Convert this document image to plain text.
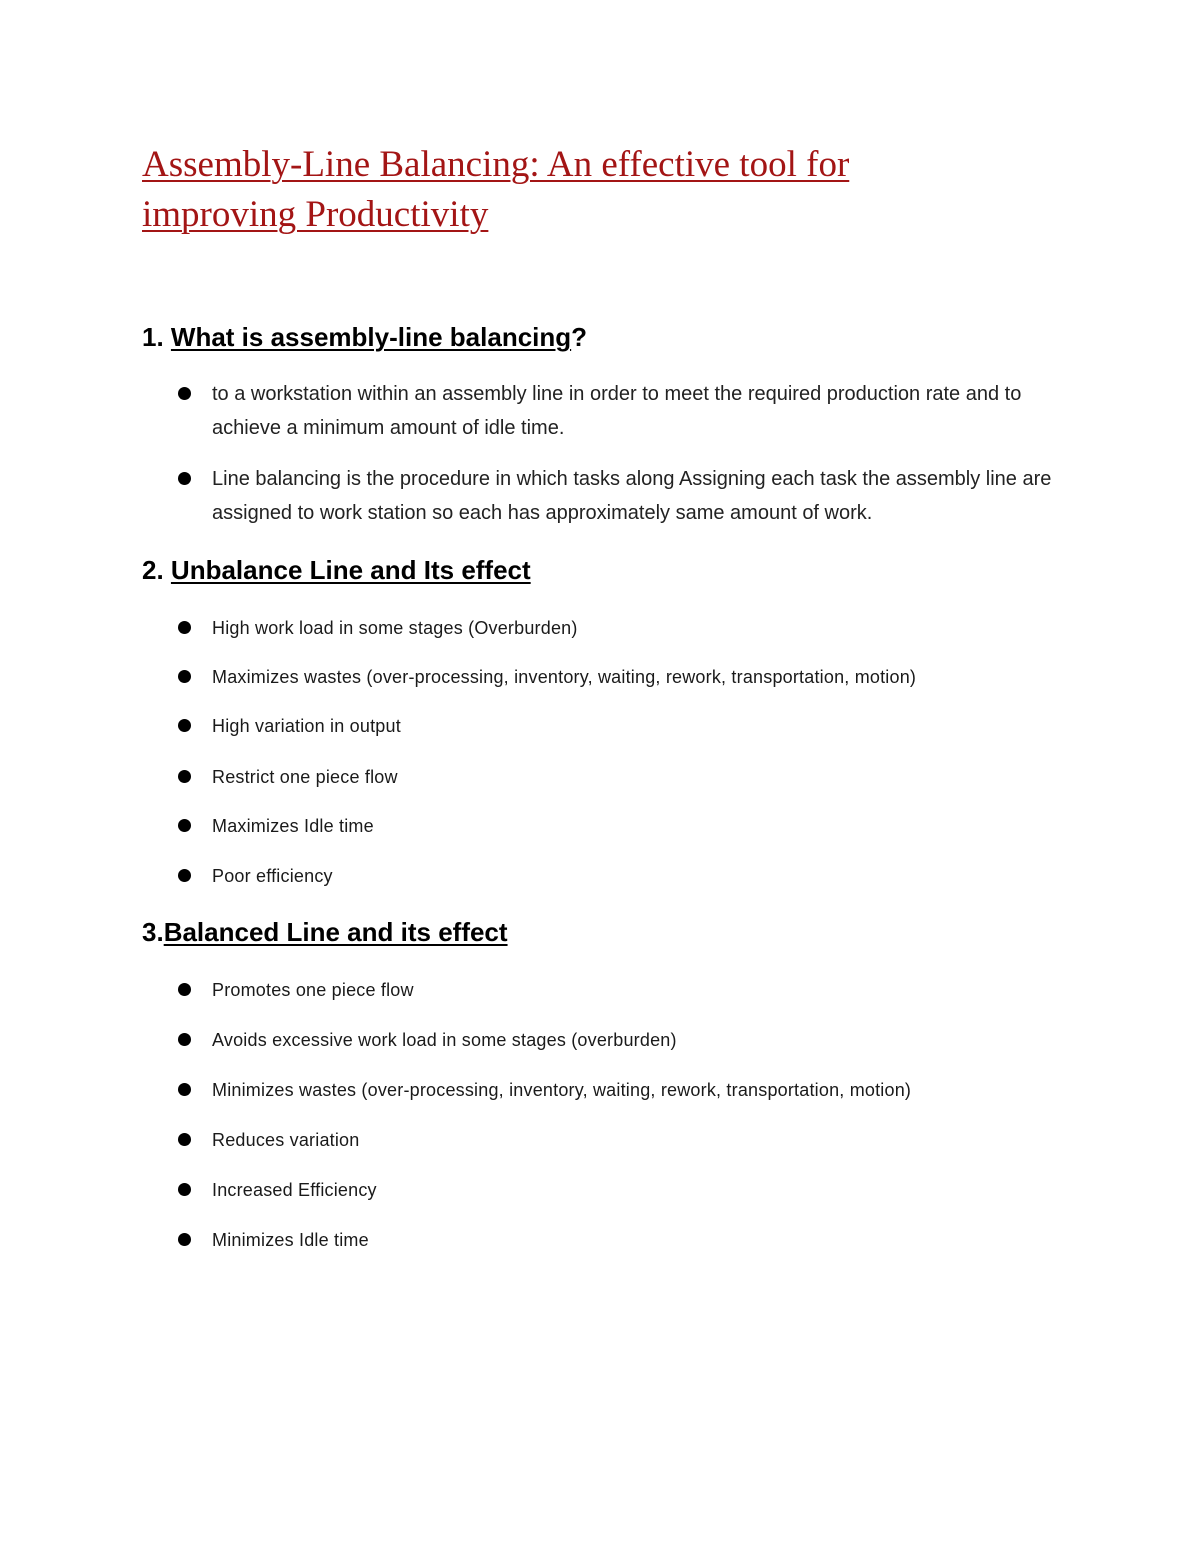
Assembly-Line Balancing: An effective tool for improving Productivity
1. What is assembly-line balancing?
to a workstation within an assembly line in order to meet the required production rate and to achieve a minimum amount of idle time.
Line balancing is the procedure in which tasks along Assigning each task the assembly line are assigned to work station so each has approximately same amount of work.
2. Unbalance Line and Its effect
High work load in some stages (Overburden)
Maximizes wastes (over-processing, inventory, waiting, rework, transportation, motion)
High variation in output
Restrict one piece flow
Maximizes Idle time
Poor efficiency
3.Balanced Line and its effect
Promotes one piece flow
Avoids excessive work load in some stages (overburden)
Minimizes wastes (over-processing, inventory, waiting, rework, transportation, motion)
Reduces variation
Increased Efficiency
Minimizes Idle time
